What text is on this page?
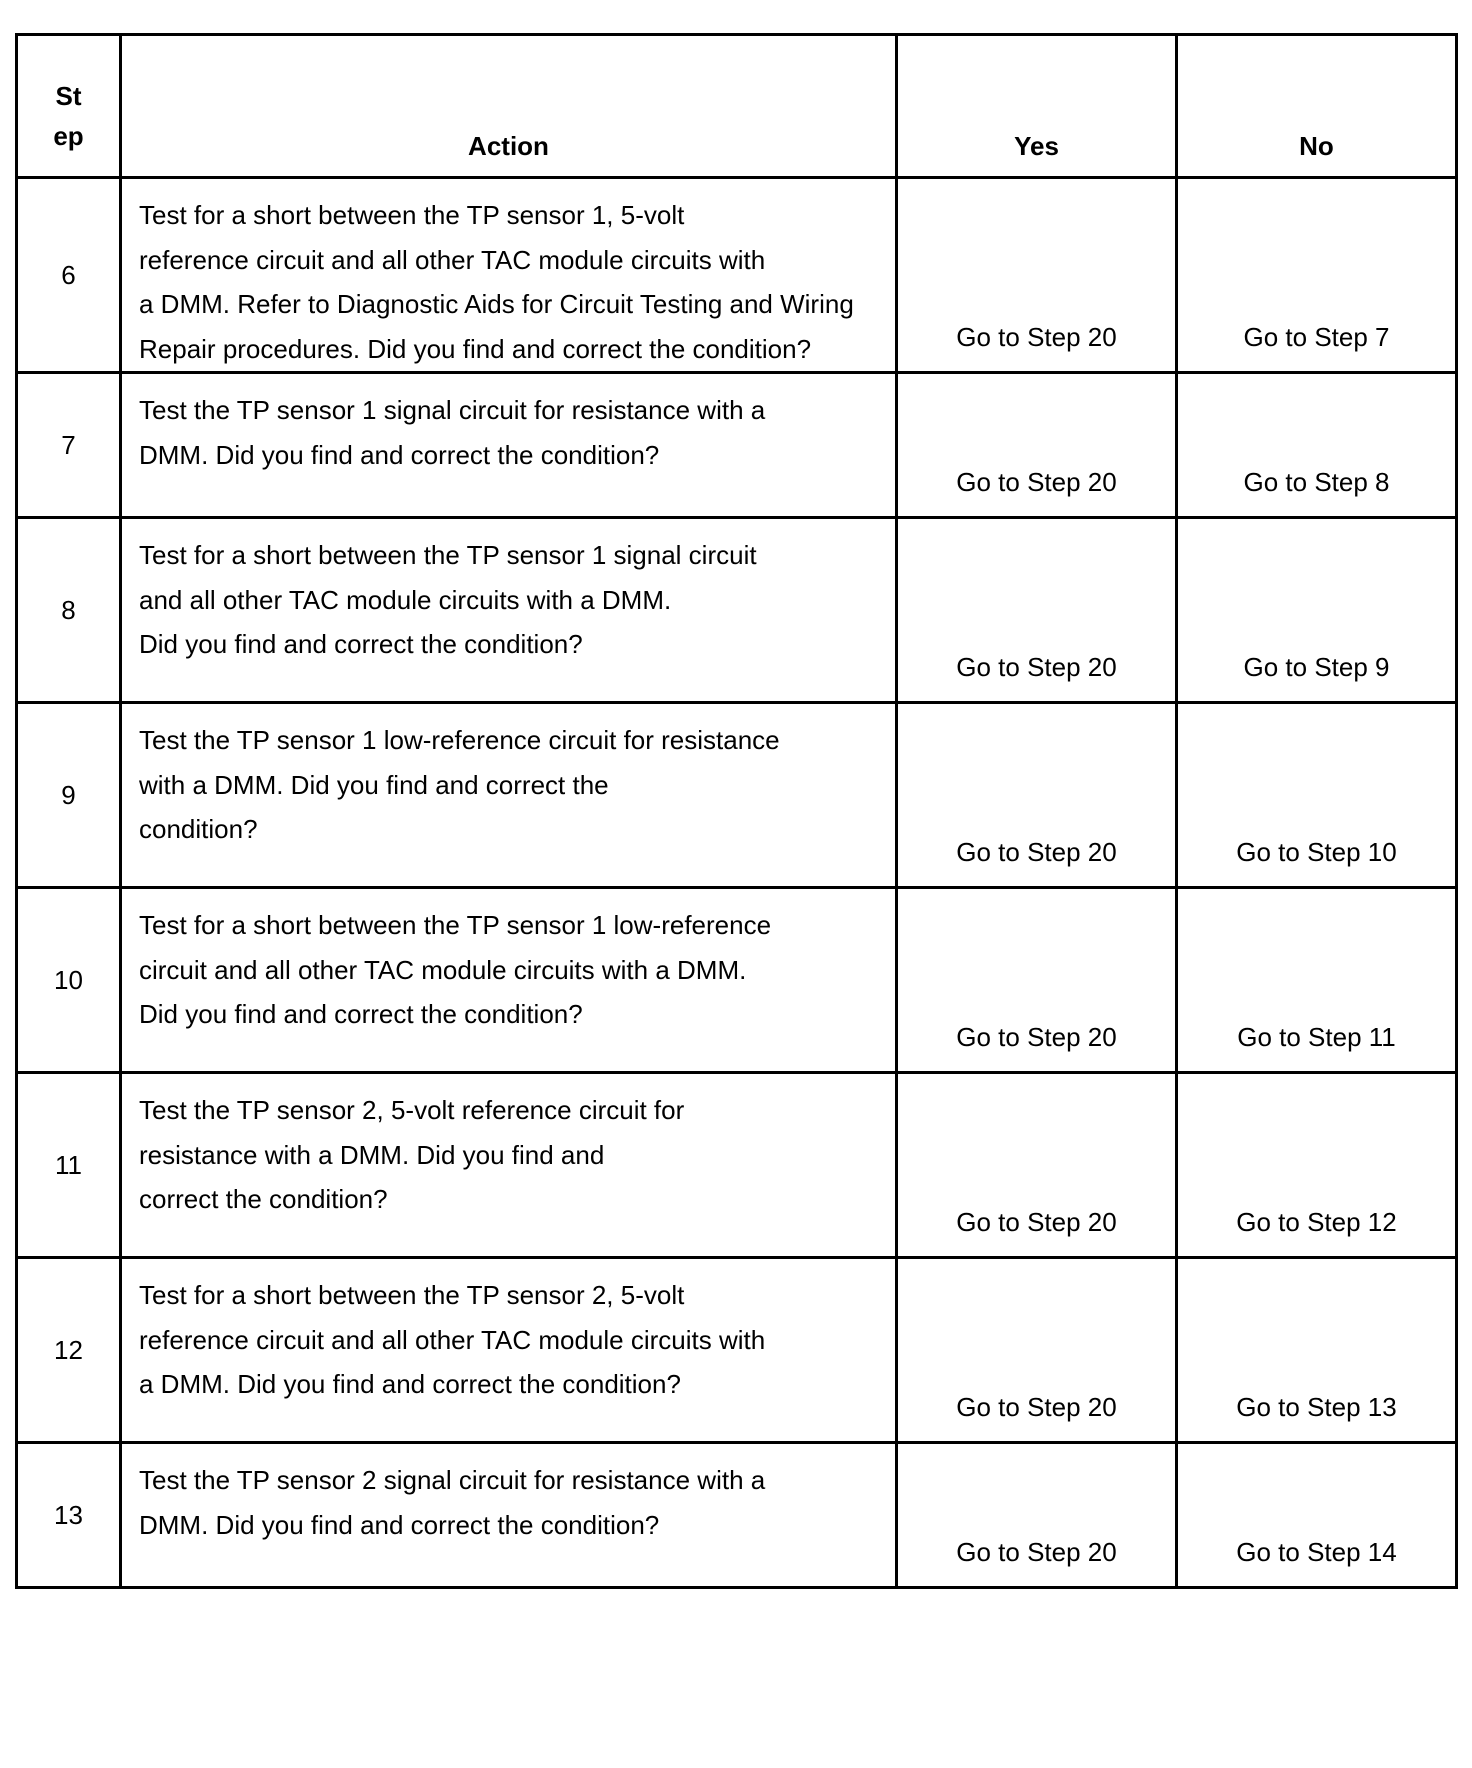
St
ep	Action	Yes	No
6	Test for a short between the TP sensor 1, 5-volt
reference circuit and all other TAC module circuits with
a DMM. Refer to Diagnostic Aids for Circuit Testing and Wiring
Repair procedures. Did you find and correct the condition?	Go to Step 20	Go to Step 7
7	Test the TP sensor 1 signal circuit for resistance with a
DMM. Did you find and correct the condition?	Go to Step 20	Go to Step 8
8	Test for a short between the TP sensor 1 signal circuit
and all other TAC module circuits with a DMM.
Did you find and correct the condition?	Go to Step 20	Go to Step 9
9	Test the TP sensor 1 low-reference circuit for resistance
with a DMM. Did you find and correct the
condition?	Go to Step 20	Go to Step 10
10	Test for a short between the TP sensor 1 low-reference
circuit and all other TAC module circuits with a DMM.
Did you find and correct the condition?	Go to Step 20	Go to Step 11
11	Test the TP sensor 2, 5-volt reference circuit for
resistance with a DMM. Did you find and
correct the condition?	Go to Step 20	Go to Step 12
12	Test for a short between the TP sensor 2, 5-volt
reference circuit and all other TAC module circuits with
a DMM. Did you find and correct the condition?	Go to Step 20	Go to Step 13
13	Test the TP sensor 2 signal circuit for resistance with a
DMM. Did you find and correct the condition?	Go to Step 20	Go to Step 14
